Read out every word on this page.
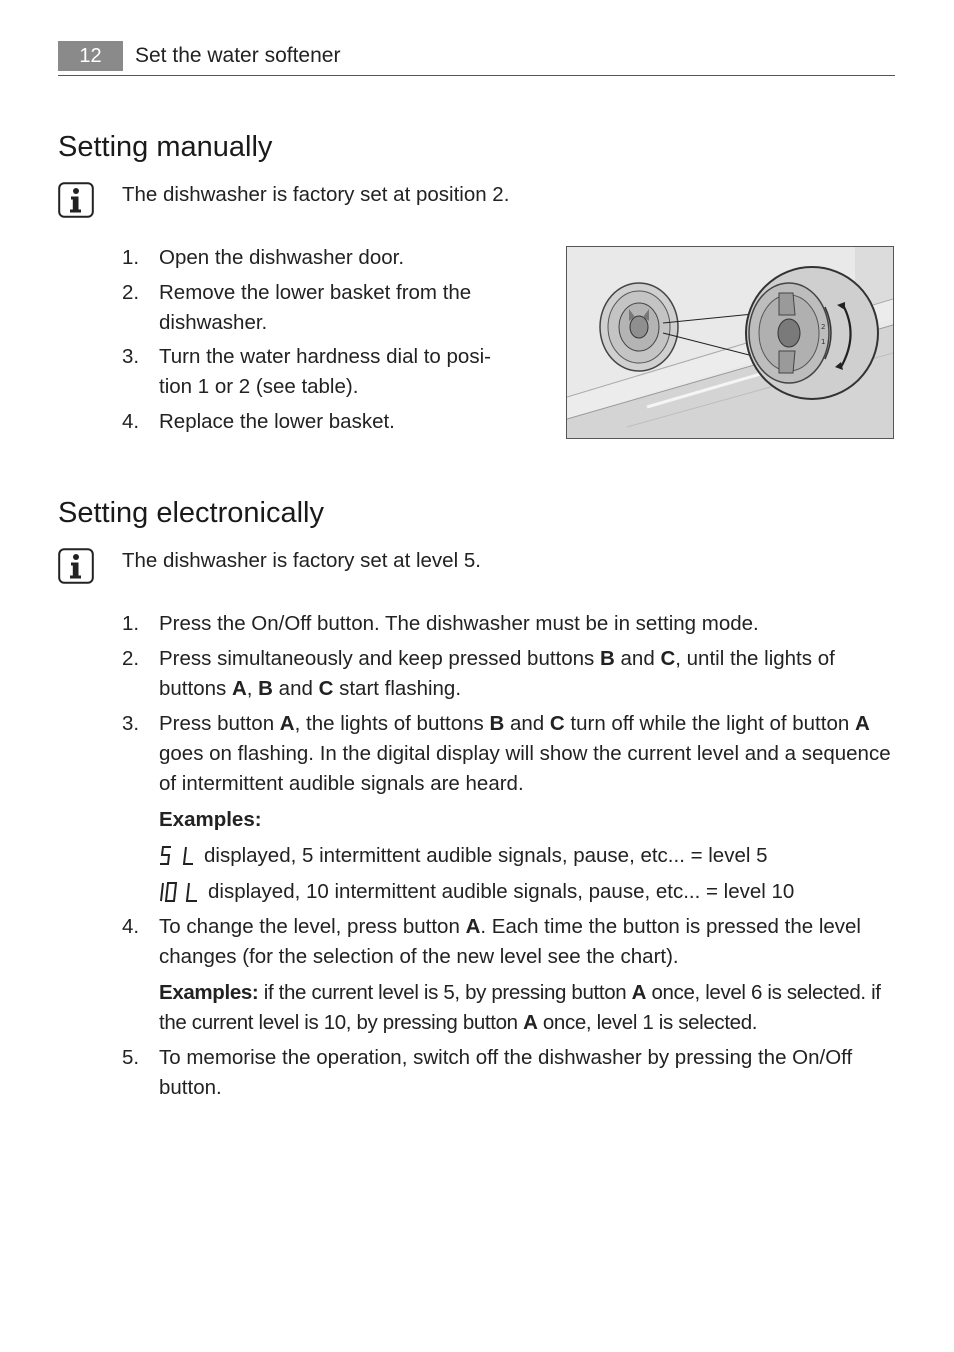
12	Set the water softener
Setting manually
The dishwasher is factory set at position 2.
1. Open the dishwasher door.
2. Remove the lower basket from the dishwasher.
3. Turn the water hardness dial to posi-tion 1 or 2 (see table).
4. Replace the lower basket.
2
1
Setting electronically
The dishwasher is factory set at level 5.
1. Press the On/Off button. The dishwasher must be in setting mode.
2. Press simultaneously and keep pressed buttons B and C, until the lights of buttons A, B and C start flashing.
3. Press button A, the lights of buttons B and C turn off while the light of button A goes on flashing. In the digital display will show the current level and a sequence of intermittent audible signals are heard.
Examples:
displayed, 5 intermittent audible signals, pause, etc... = level 5
displayed, 10 intermittent audible signals, pause, etc... = level 10
4. To change the level, press button A. Each time the button is pressed the level changes (for the selection of the new level see the chart).
Examples: if the current level is 5, by pressing button A once, level 6 is selected. if the current level is 10, by pressing button A once, level 1 is selected.
5. To memorise the operation, switch off the dishwasher by pressing the On/Off button.
